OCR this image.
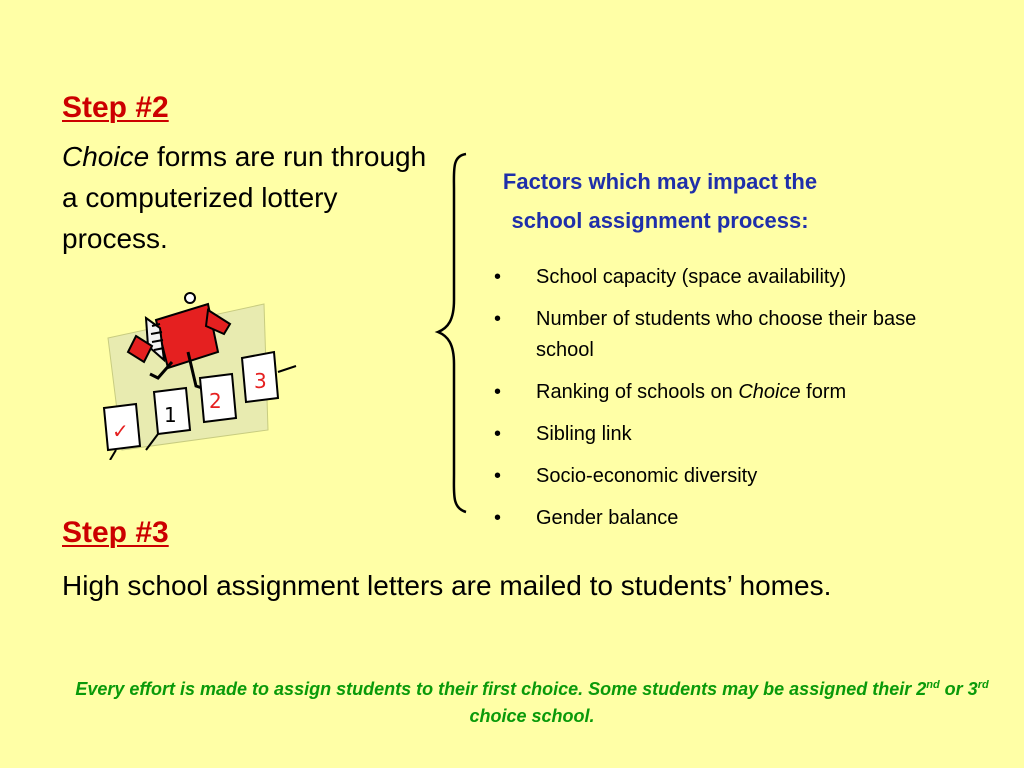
Step #2
Choice forms are run through a computerized lottery process.
3
2
1
✓
Factors which may impact the
school assignment process:
• School capacity (space availability)
• Number of students who choose their base school
• Ranking of schools on Choice form
• Sibling link
• Socio-economic diversity
• Gender balance
Step #3
High school assignment letters are mailed to students’ homes.
Every effort is made to assign students to their first choice. Some students may be assigned their 2nd or 3rd choice school.
